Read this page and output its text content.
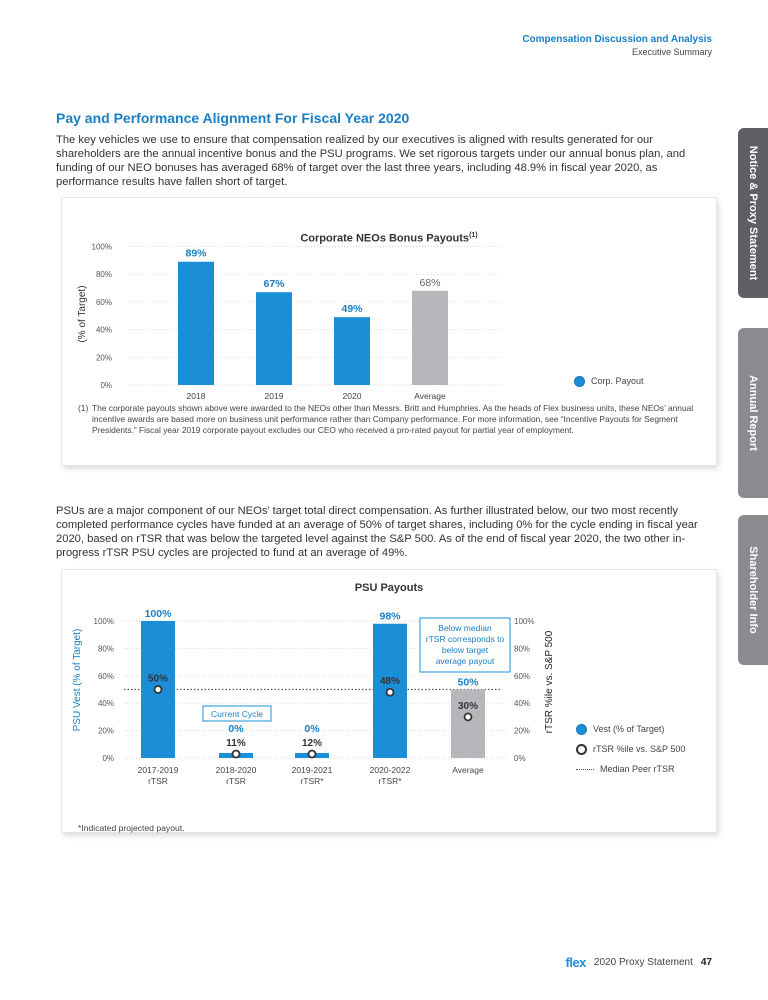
Compensation Discussion and Analysis
Executive Summary
Notice & Proxy Statement
Annual Report
Shareholder Info
Pay and Performance Alignment For Fiscal Year 2020
The key vehicles we use to ensure that compensation realized by our executives is aligned with results generated for our shareholders are the annual incentive bonus and the PSU programs. We set rigorous targets under our annual bonus plan, and funding of our NEO bonuses has averaged 68% of target over the last three years, including 48.9% in fiscal year 2020, as performance results have fallen short of target.
Corporate NEOs Bonus Payouts$^{(1)}$
0%
20%
40%
60%
80%
100%
(% of Target)
89%
2018
67%
2019
49%
2020
68%
Average
Corp. Payout
(1) The corporate payouts shown above were awarded to the NEOs other than Messrs. Britt and Humphries. As the heads of Flex business units, these NEOs’ annual incentive awards are based more on business unit performance rather than Company performance. For more information, see “Incentive Payouts for Segment Presidents.” Fiscal year 2019 corporate payout excludes our CEO who received a pro-rated payout for partial year of employment.
PSUs are a major component of our NEOs’ target total direct compensation. As further illustrated below, our two most recently completed performance cycles have funded at an average of 50% of target shares, including 0% for the cycle ending in fiscal year 2020, based on rTSR that was below the targeted level against the S&P 500. As of the end of fiscal year 2020, the two other in-progress rTSR PSU cycles are projected to fund at an average of 49%.
PSU Payouts
0%	0%
20%	20%
40%	40%
60%	60%
80%	80%
100%	100%
PSU Vest (% of Target)	rTSR %ile vs. S&P 500
100%
50%
2017-2019
rTSR
0%
11%
2018-2020
rTSR
0%
12%
2019-2021
rTSR*
98%
48%
2020-2022
rTSR*
50%
30%
Average
Current Cycle
Below median
rTSR corresponds to
below target
average payout
Vest (% of Target)
rTSR %ile vs. S&P 500
Median Peer rTSR
*Indicated projected payout.
flex 2020 Proxy Statement 47
